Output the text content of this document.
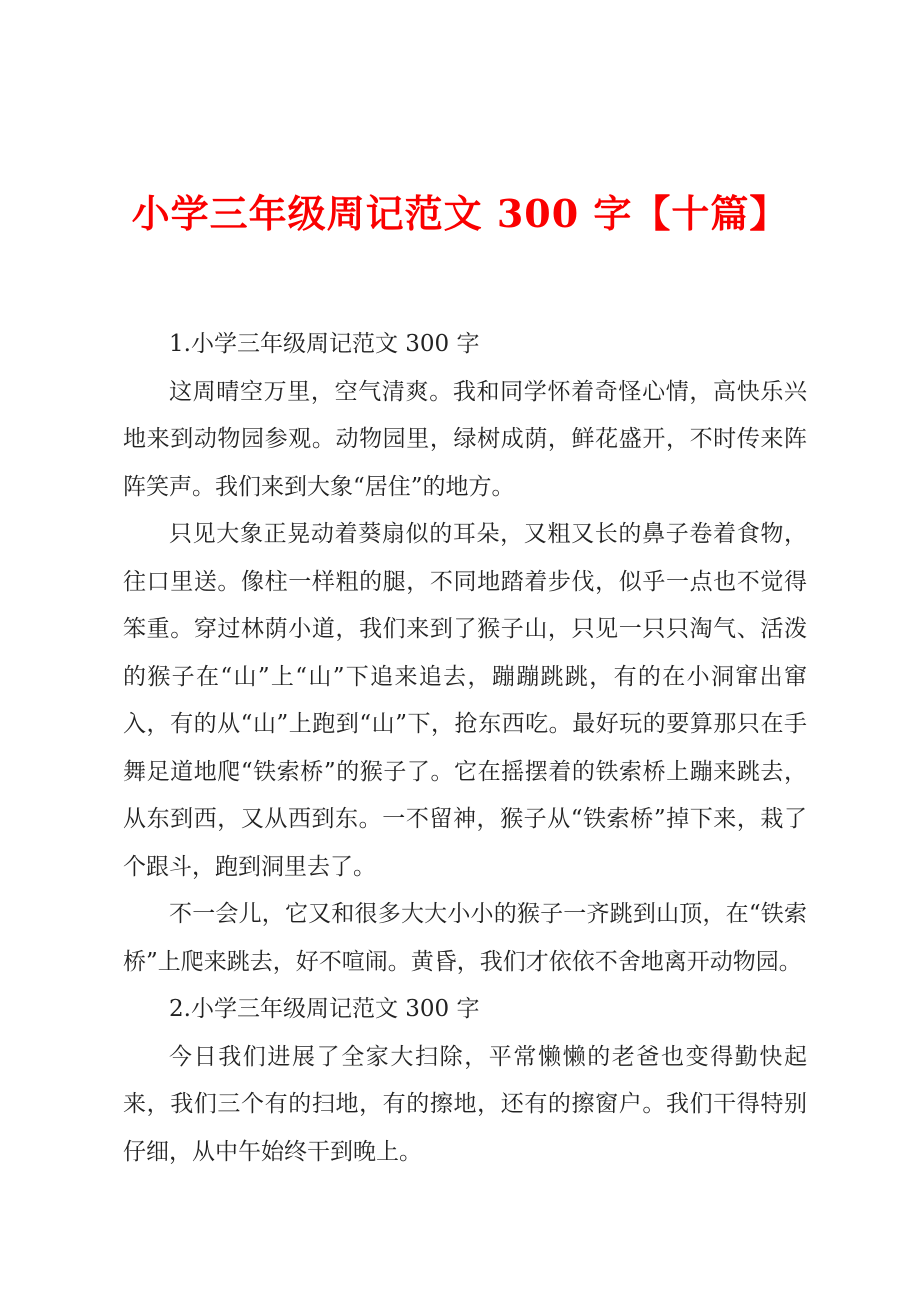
小学三年级周记范文 300 字【十篇】

1.小学三年级周记范文 300 字

这周晴空万里，空气清爽。我和同学怀着奇怪心情，高快乐兴地来到动物园参观。动物园里，绿树成荫，鲜花盛开，不时传来阵阵笑声。我们来到大象“居住”的地方。

只见大象正晃动着葵扇似的耳朵，又粗又长的鼻子卷着食物，往口里送。像柱一样粗的腿，不同地踏着步伐，似乎一点也不觉得笨重。穿过林荫小道，我们来到了猴子山，只见一只只淘气、活泼的猴子在“山”上“山”下追来追去，蹦蹦跳跳，有的在小洞窜出窜入，有的从“山”上跑到“山”下，抢东西吃。最好玩的要算那只在手舞足道地爬“铁索桥”的猴子了。它在摇摆着的铁索桥上蹦来跳去，从东到西，又从西到东。一不留神，猴子从“铁索桥”掉下来，栽了个跟斗，跑到洞里去了。

不一会儿，它又和很多大大小小的猴子一齐跳到山顶，在“铁索桥”上爬来跳去，好不喧闹。黄昏，我们才依依不舍地离开动物园。

2.小学三年级周记范文 300 字

今日我们进展了全家大扫除，平常懒懒的老爸也变得勤快起来，我们三个有的扫地，有的擦地，还有的擦窗户。我们干得特别仔细，从中午始终干到晚上。
